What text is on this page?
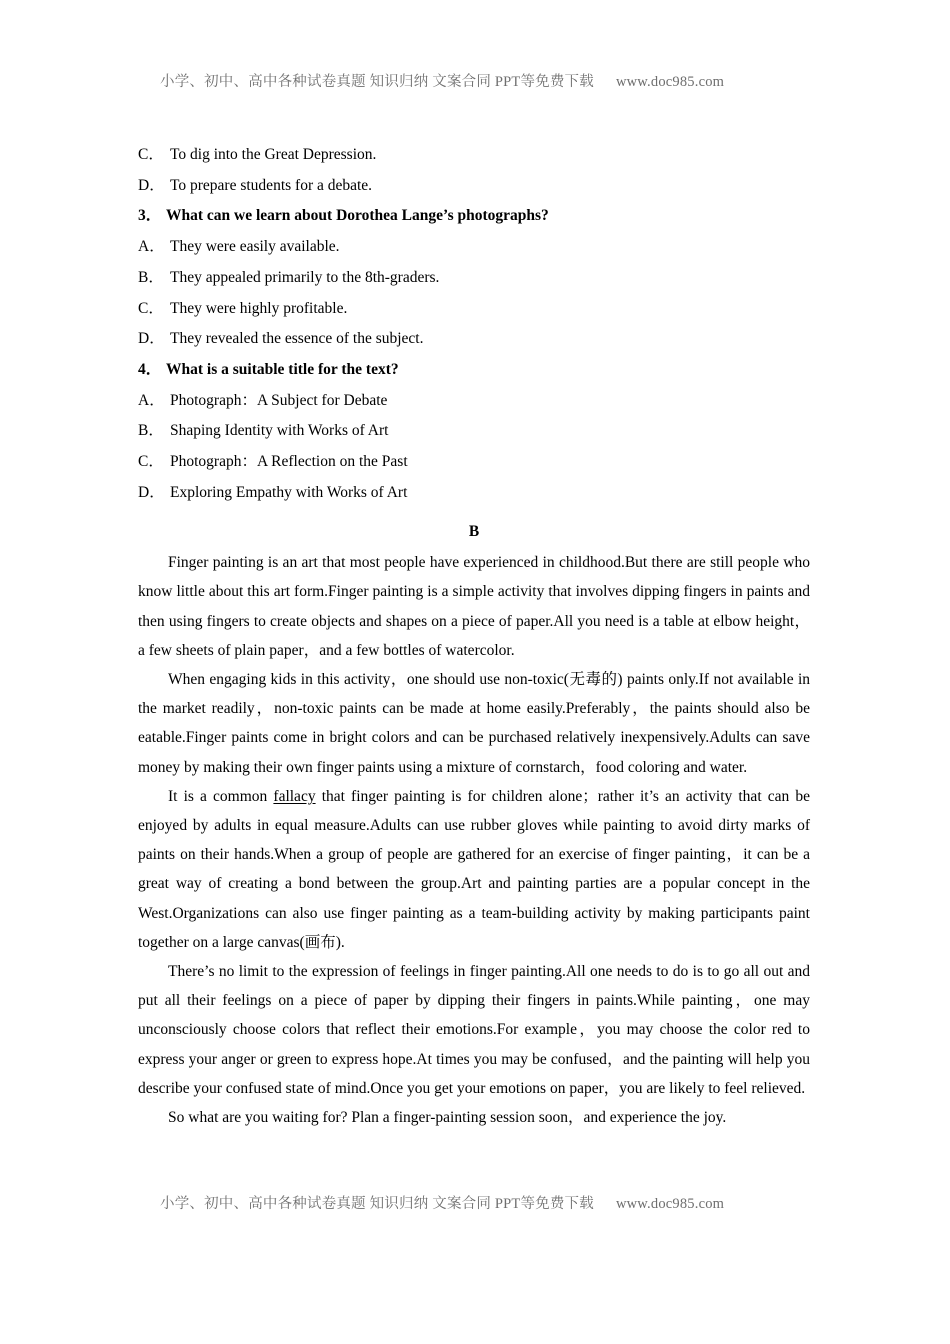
小学、初中、高中各种试卷真题 知识归纳 文案合同 PPT等免费下载 www.doc985.com
C． To dig into the Great Depression.
D． To prepare students for a debate.
3． What can we learn about Dorothea Lange’s photographs?
A． They were easily available.
B． They appealed primarily to the 8th-graders.
C． They were highly profitable.
D． They revealed the essence of the subject.
4． What is a suitable title for the text?
A． Photograph：A Subject for Debate
B． Shaping Identity with Works of Art
C． Photograph：A Reflection on the Past
D． Exploring Empathy with Works of Art
B

Finger painting is an art that most people have experienced in childhood.But there are still people who know little about this art form.Finger painting is a simple activity that involves dipping fingers in paints and then using fingers to create objects and shapes on a piece of paper.All you need is a table at elbow height，a few sheets of plain paper，and a few bottles of watercolor.

When engaging kids in this activity，one should use non-toxic(无毒的) paints only.If not available in the market readily，non-toxic paints can be made at home easily.Preferably，the paints should also be eatable.Finger paints come in bright colors and can be purchased relatively inexpensively.Adults can save money by making their own finger paints using a mixture of cornstarch，food coloring and water.

It is a common fallacy that finger painting is for children alone；rather it’s an activity that can be enjoyed by adults in equal measure.Adults can use rubber gloves while painting to avoid dirty marks of paints on their hands.When a group of people are gathered for an exercise of finger painting，it can be a great way of creating a bond between the group.Art and painting parties are a popular concept in the West.Organizations can also use finger painting as a team-building activity by making participants paint together on a large canvas(画布).

There’s no limit to the expression of feelings in finger painting.All one needs to do is to go all out and put all their feelings on a piece of paper by dipping their fingers in paints.While painting，one may unconsciously choose colors that reflect their emotions.For example，you may choose the color red to express your anger or green to express hope.At times you may be confused，and the painting will help you describe your confused state of mind.Once you get your emotions on paper，you are likely to feel relieved.

So what are you waiting for? Plan a finger-painting session soon，and experience the joy.

小学、初中、高中各种试卷真题 知识归纳 文案合同 PPT等免费下载 www.doc985.com
